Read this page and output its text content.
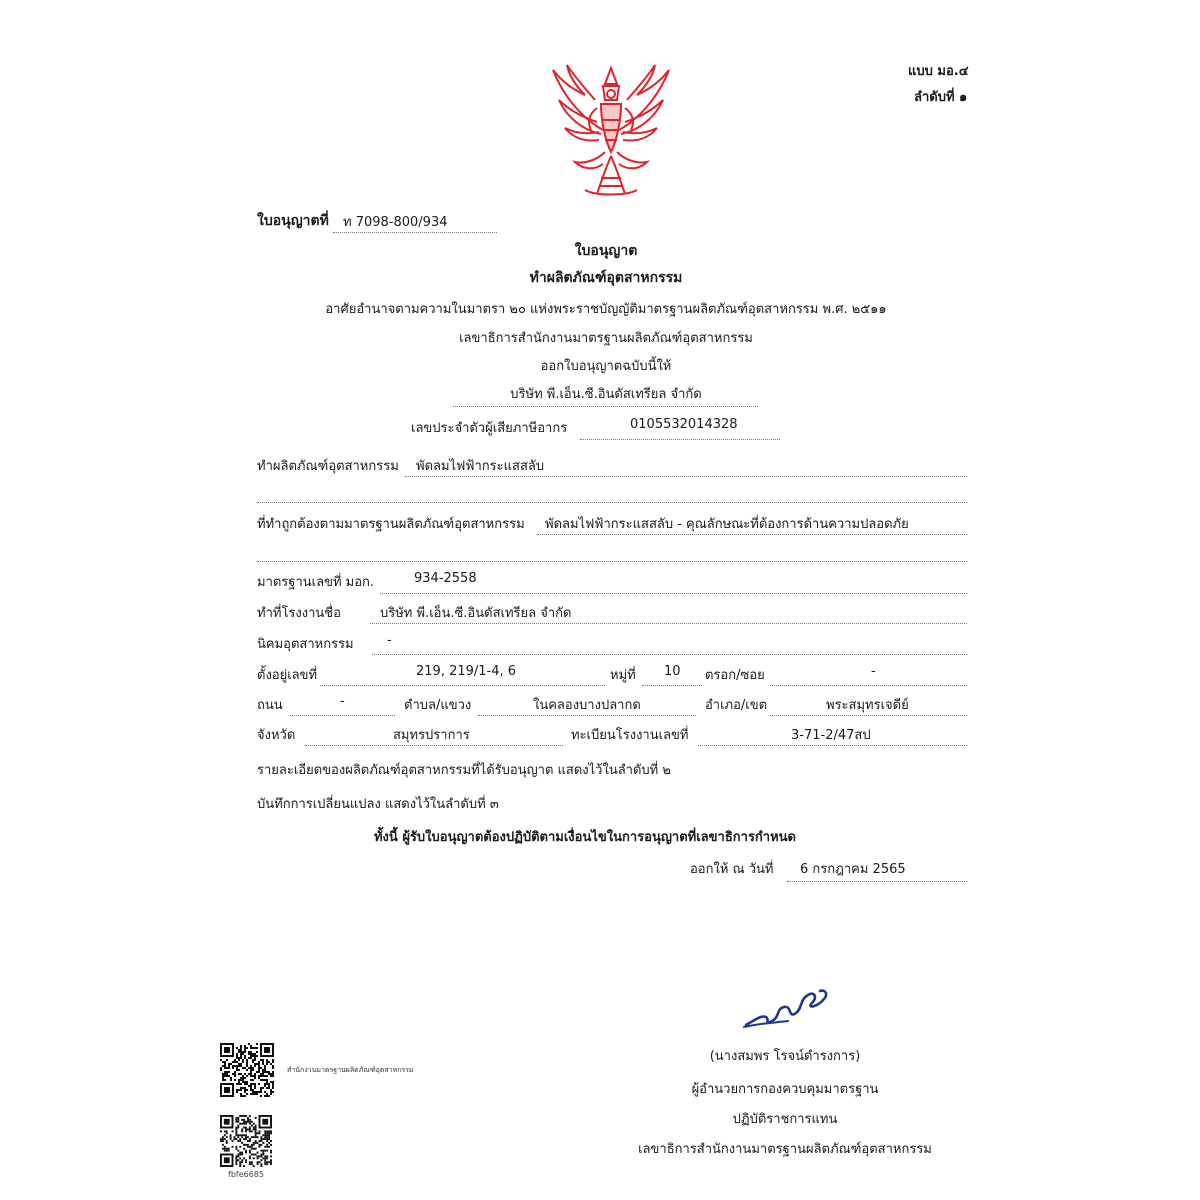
แบบ มอ.๔
ลำดับที่ ๑
ใบอนุญาตที่ ท 7098-800/934
ใบอนุญาต
ทำผลิตภัณฑ์อุตสาหกรรม
อาศัยอำนาจตามความในมาตรา ๒๐ แห่งพระราชบัญญัติมาตรฐานผลิตภัณฑ์อุตสาหกรรม พ.ศ. ๒๕๑๑
เลขาธิการสำนักงานมาตรฐานผลิตภัณฑ์อุตสาหกรรม
ออกใบอนุญาตฉบับนี้ให้
บริษัท พี.เอ็น.ซี.อินดัสเทรียล จำกัด
เลขประจำตัวผู้เสียภาษีอากร	0105532014328
ทำผลิตภัณฑ์อุตสาหกรรม พัดลมไฟฟ้ากระแสสลับ
ที่ทำถูกต้องตามมาตรฐานผลิตภัณฑ์อุตสาหกรรม พัดลมไฟฟ้ากระแสสลับ - คุณลักษณะที่ต้องการด้านความปลอดภัย
มาตรฐานเลขที่ มอก.	934-2558
ทำที่โรงงานชื่อ	บริษัท พี.เอ็น.ซี.อินดัสเทรียล จำกัด
นิคมอุตสาหกรรม	-
ตั้งอยู่เลขที่	219, 219/1-4, 6	หมู่ที่ 10 ตรอก/ซอย	-
ถนน	-	ตำบล/แขวง	ในคลองบางปลากด	อำเภอ/เขต	พระสมุทรเจดีย์
จังหวัด	สมุทรปราการ	ทะเบียนโรงงานเลขที่	3-71-2/47สป
รายละเอียดของผลิตภัณฑ์อุตสาหกรรมที่ได้รับอนุญาต แสดงไว้ในลำดับที่ ๒
บันทึกการเปลี่ยนแปลง แสดงไว้ในลำดับที่ ๓
ทั้งนี้ ผู้รับใบอนุญาตต้องปฏิบัติตามเงื่อนไขในการอนุญาตที่เลขาธิการกำหนด
ออกให้ ณ วันที่ 6 กรกฎาคม 2565
(นางสมพร โรจน์ดำรงการ)
ผู้อำนวยการกองควบคุมมาตรฐาน
ปฏิบัติราชการแทน
เลขาธิการสำนักงานมาตรฐานผลิตภัณฑ์อุตสาหกรรม
สำนักงานมาตรฐานผลิตภัณฑ์อุตสาหกรรม
fbfe6685
